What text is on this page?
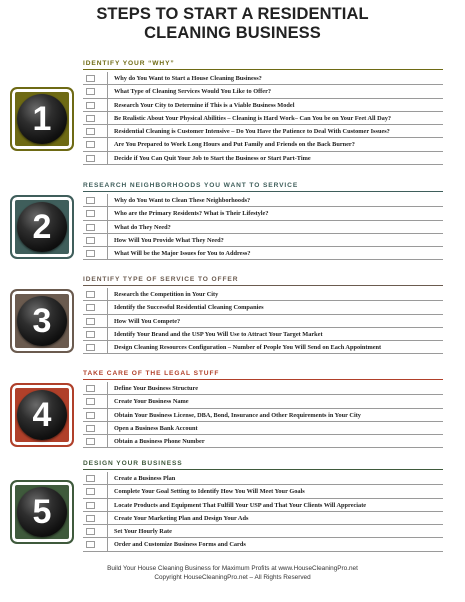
STEPS TO START A RESIDENTIAL
CLEANING BUSINESS
IDENTIFY YOUR “WHY”
Why do You Want to Start a House Cleaning Business?
What Type of Cleaning Services Would You Like to Offer?
Research Your City to Determine if This is a Viable Business Model
Be Realistic About Your Physical Abilities – Cleaning is Hard Work– Can You be on Your Feet All Day?
Residential Cleaning is Customer Intensive – Do You Have the Patience to Deal With Customer Issues?
Are You Prepared to Work Long Hours and Put Family and Friends on the Back Burner?
Decide if You Can Quit Your Job to Start the Business or Start Part-Time
1
RESEARCH NEIGHBORHOODS YOU WANT TO SERVICE
Why do You Want to Clean These Neighborhoods?
Who are the Primary Residents? What is Their Lifestyle?
What do They Need?
How Will You Provide What They Need?
What Will be the Major Issues for You to Address?
2
IDENTIFY TYPE OF SERVICE TO OFFER
Research the Competition in Your City
Identify the Successful Residential Cleaning Companies
How Will You Compete?
Identify Your Brand and the USP You Will Use to Attract Your Target Market
Design Cleaning Resources Configuration – Number of People You Will Send on Each Appointment
3
TAKE CARE OF THE LEGAL STUFF
Define Your Business Structure
Create Your Business Name
Obtain Your Business License, DBA, Bond, Insurance and Other Requirements in Your City
Open a Business Bank Account
Obtain a Business Phone Number
4
DESIGN YOUR BUSINESS
Create a Business Plan
Complete Your Goal Setting to Identify How You Will Meet Your Goals
Locate Products and Equipment That Fulfill Your USP and That Your Clients Will Appreciate
Create Your Marketing Plan and Design Your Ads
Set Your Hourly Rate
Order and Customize Business Forms and Cards
5
Build Your House Cleaning Business for Maximum Profits at www.HouseCleaningPro.net
Copyright HouseCleaningPro.net – All Rights Reserved
